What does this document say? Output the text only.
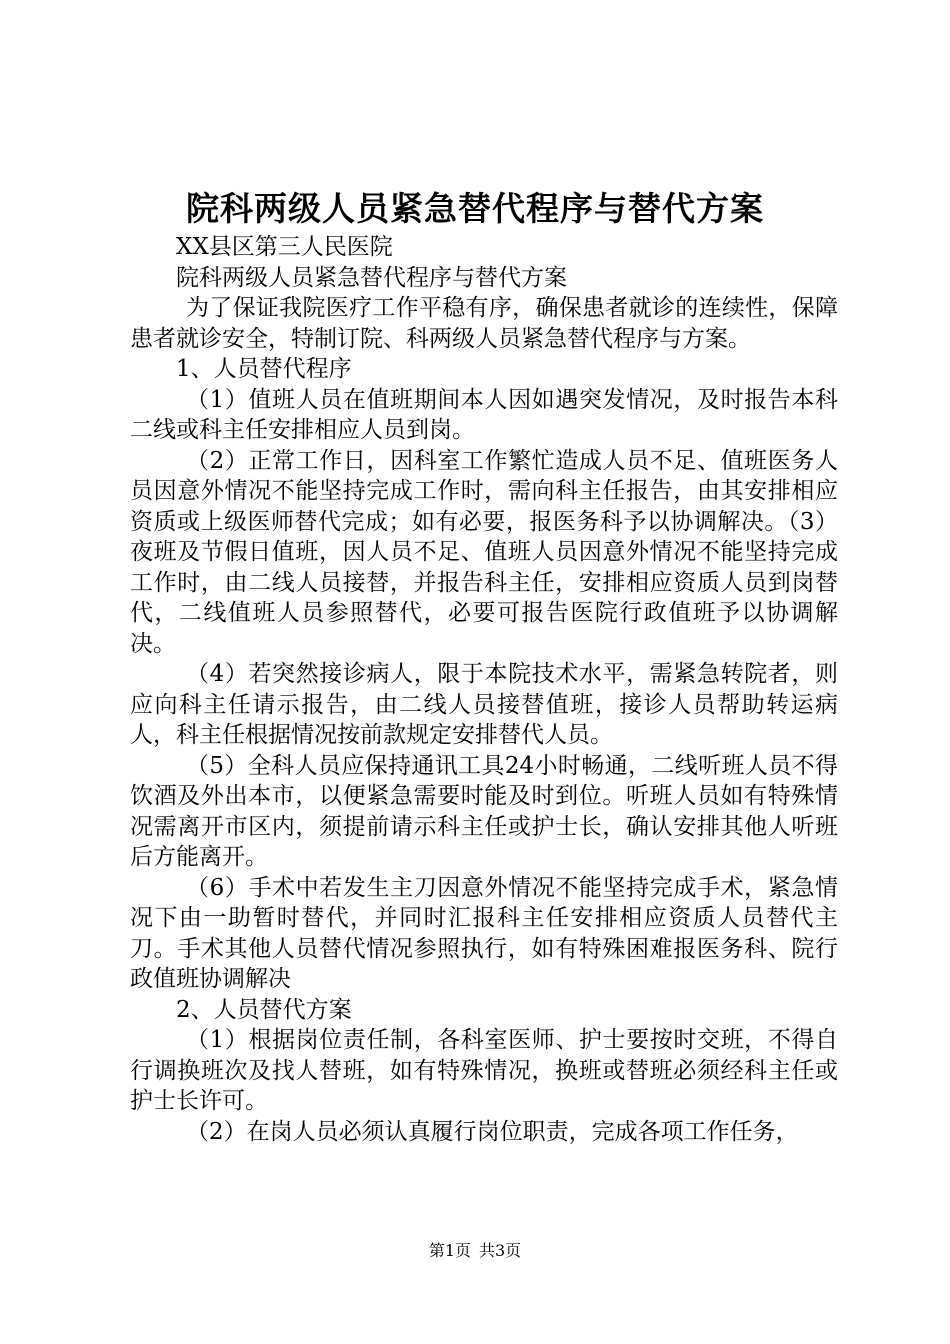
院科两级人员紧急替代程序与替代方案

XX县区第三人民医院

院科两级人员紧急替代程序与替代方案

为了保证我院医疗工作平稳有序，确保患者就诊的连续性，保障患者就诊安全，特制订院、科两级人员紧急替代程序与方案。

1、人员替代程序

（1）值班人员在值班期间本人因如遇突发情况，及时报告本科二线或科主任安排相应人员到岗。

（2）正常工作日，因科室工作繁忙造成人员不足、值班医务人员因意外情况不能坚持完成工作时，需向科主任报告，由其安排相应资质或上级医师替代完成；如有必要，报医务科予以协调解决。（3）夜班及节假日值班，因人员不足、值班人员因意外情况不能坚持完成工作时，由二线人员接替，并报告科主任，安排相应资质人员到岗替代，二线值班人员参照替代，必要可报告医院行政值班予以协调解决。

（4）若突然接诊病人，限于本院技术水平，需紧急转院者，则应向科主任请示报告，由二线人员接替值班，接诊人员帮助转运病人，科主任根据情况按前款规定安排替代人员。

（5）全科人员应保持通讯工具24小时畅通，二线听班人员不得饮酒及外出本市，以便紧急需要时能及时到位。听班人员如有特殊情况需离开市区内，须提前请示科主任或护士长，确认安排其他人听班后方能离开。

（6）手术中若发生主刀因意外情况不能坚持完成手术，紧急情况下由一助暂时替代，并同时汇报科主任安排相应资质人员替代主刀。手术其他人员替代情况参照执行，如有特殊困难报医务科、院行政值班协调解决

2、人员替代方案

（1）根据岗位责任制，各科室医师、护士要按时交班，不得自行调换班次及找人替班，如有特殊情况，换班或替班必须经科主任或护士长许可。

（2）在岗人员必须认真履行岗位职责，完成各项工作任务，

第1页 共3页
